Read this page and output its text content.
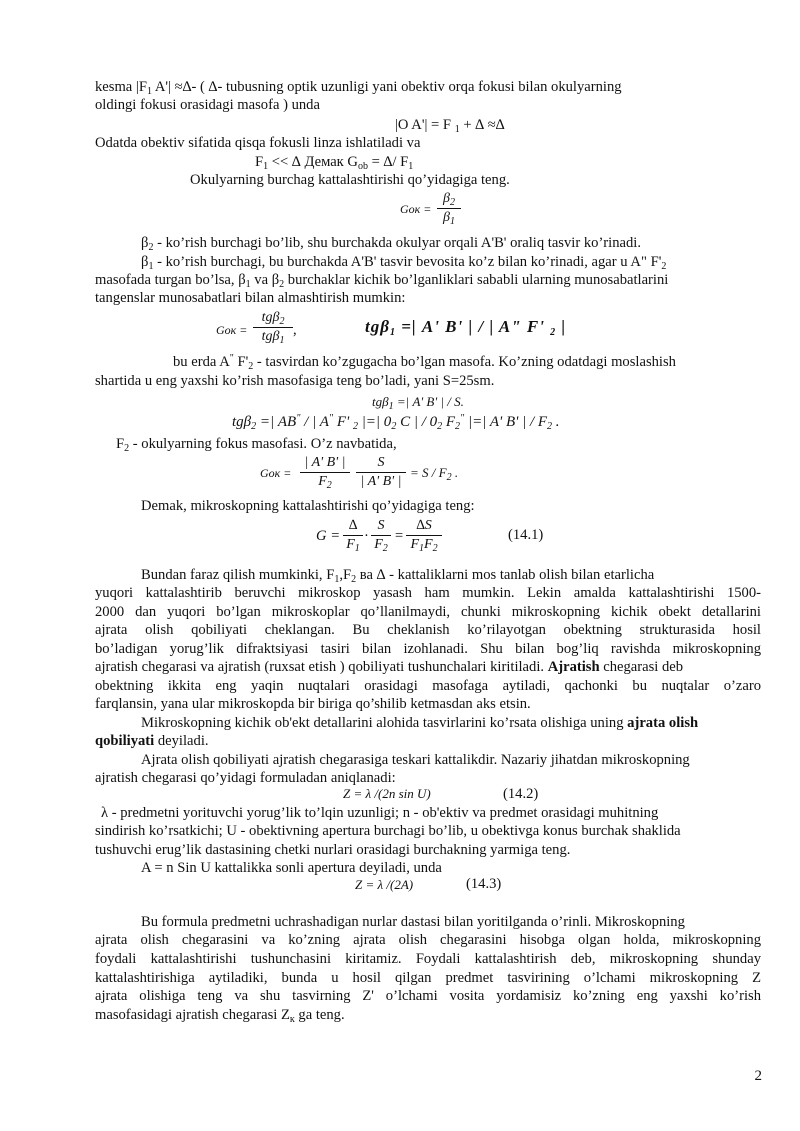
kesma $|F_1$ A'| ≈∆- ( ∆- tubusning optik uzunligi yani obektiv orqa fokusi bilan okulyarning
oldingi fokusi orasidagi masofa ) unda
|O A'| = F $_1$ + ∆ ≈∆
Odatda obektiv sifatida qisqa fokusli linza ishlatiladi va
$F_1$ << ∆ Демак $G_{ob}$ = ∆/ $F_1$
Okulyarning burchag kattalashtirishi qo’yidagiga teng.
Gок =
$\beta_2$
$\beta_1$
$\beta_2$ - ko’rish burchagi bo’lib, shu burchakda okulyar orqali A'B' oraliq tasvir ko’rinadi.
$\beta_1$ - ko’rish burchagi, bu burchakda A'B' tasvir bevosita ko’z bilan ko’rinadi, agar u A" $F'_2$
masofada turgan bo’lsa, $\beta_1$ va $\beta_2$ burchaklar kichik bo’lganliklari sababli ularning munosabatlarini
tangenslar munosabatlari bilan almashtirish mumkin:
Gок =
tgβ$_2$
tgβ$_1$
,	tgβ$_1$ =| A' B' | / | A" F' $_2$ |
bu erda A" $F'_2$ - tasvirdan ko’zgugacha bo’lgan masofa. Ko’zning odatdagi moslashish
shartida u eng yaxshi ko’rish masofasiga teng bo’ladi, yani S=25sm.
tgβ$_1$ =| A' B' | / S.
tgβ$_2$ =| AB" / | A" F' $_2$ |=| $0_2$ C | / $0_2$ $F_2^"$ |=| A' B' | / $F_2$ .
$F_2$ - okulyarning fokus masofasi. O’z navbatida,
Gок =
| A' B' |
$F_2$
S
| A' B' |
= S / $F_2$ .
Demak, mikroskopning kattalashtirishi qo’yidagiga teng:
G =
∆
$F_1$
·
S
$F_2$
=
∆S
$F_1F_2$
(14.1)
Bundan faraz qilish mumkinki, $F_1,F_2$ ва ∆ - kattaliklarni mos tanlab olish bilan etarlicha
yuqori kattalashtirib beruvchi mikroskop yasash ham mumkin. Lekin amalda kattalashtirishi 1500-
2000 dan yuqori bo’lgan mikroskoplar qo’llanilmaydi, chunki mikroskopning kichik obekt detallarini
ajrata olish qobiliyati cheklangan. Bu cheklanish ko’rilayotgan obektning strukturasida hosil
bo’ladigan yorug’lik difraktsiyasi tasiri bilan izohlanadi. Shu bilan bog’liq ravishda mikroskopning
ajratish chegarasi va ajratish (ruxsat etish ) qobiliyati tushunchalari kiritiladi. Ajratish chegarasi deb
obektning ikkita eng yaqin nuqtalari orasidagi masofaga aytiladi, qachonki bu nuqtalar o’zaro
farqlansin, yana ular mikroskopda bir biriga qo’shilib ketmasdan aks etsin.
Mikroskopning kichik ob'ekt detallarini alohida tasvirlarini ko’rsata olishiga uning ajrata olish
qobiliyati deyiladi.
Ajrata olish qobiliyati ajratish chegarasiga teskari kattalikdir. Nazariy jihatdan mikroskopning
ajratish chegarasi qo’yidagi formuladan aniqlanadi:
Z = λ /(2n sin U)	(14.2)
λ - predmetni yorituvchi yorug’lik to’lqin uzunligi; n - ob'ektiv va predmet orasidagi muhitning
sindirish ko’rsatkichi; U - obektivning apertura burchagi bo’lib, u obektivga konus burchak shaklida
tushuvchi erug’lik dastasining chetki nurlari orasidagi burchakning yarmiga teng.
A = n Sin U kattalikka sonli apertura deyiladi, unda
Z = λ /(2A)	(14.3)
Bu formula predmetni uchrashadigan nurlar dastasi bilan yoritilganda o’rinli. Mikroskopning
ajrata olish chegarasini va ko’zning ajrata olish chegarasini hisobga olgan holda, mikroskopning
foydali kattalashtirishi tushunchasini kiritamiz. Foydali kattalashtirish deb, mikroskopning shunday
kattalashtirishiga aytiladiki, bunda u hosil qilgan predmet tasvirining o’lchami mikroskopning Z
ajrata olishiga teng va shu tasvirning Z' o’lchami vosita yordamisiz ko’zning eng yaxshi ko’rish
masofasidagi ajratish chegarasi $Z_к$ ga teng.
2
